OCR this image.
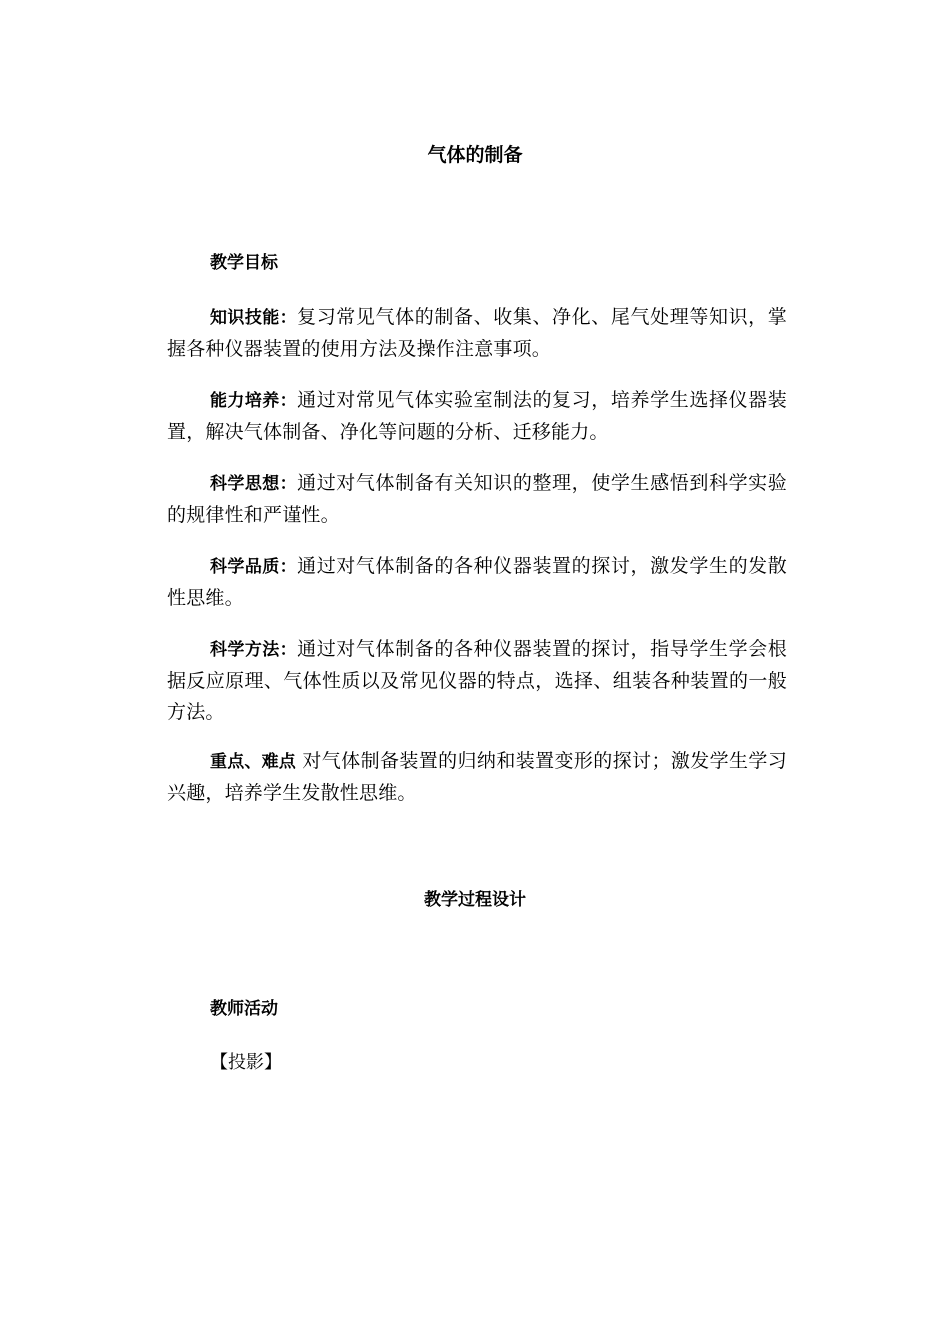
气体的制备
教学目标
知识技能：复习常见气体的制备、收集、净化、尾气处理等知识，掌握各种仪器装置的使用方法及操作注意事项。
能力培养：通过对常见气体实验室制法的复习，培养学生选择仪器装置，解决气体制备、净化等问题的分析、迁移能力。
科学思想：通过对气体制备有关知识的整理，使学生感悟到科学实验的规律性和严谨性。
科学品质：通过对气体制备的各种仪器装置的探讨，激发学生的发散性思维。
科学方法：通过对气体制备的各种仪器装置的探讨，指导学生学会根据反应原理、气体性质以及常见仪器的特点，选择、组装各种装置的一般方法。
重点、难点 对气体制备装置的归纳和装置变形的探讨；激发学生学习兴趣，培养学生发散性思维。
教学过程设计
教师活动
【投影】
